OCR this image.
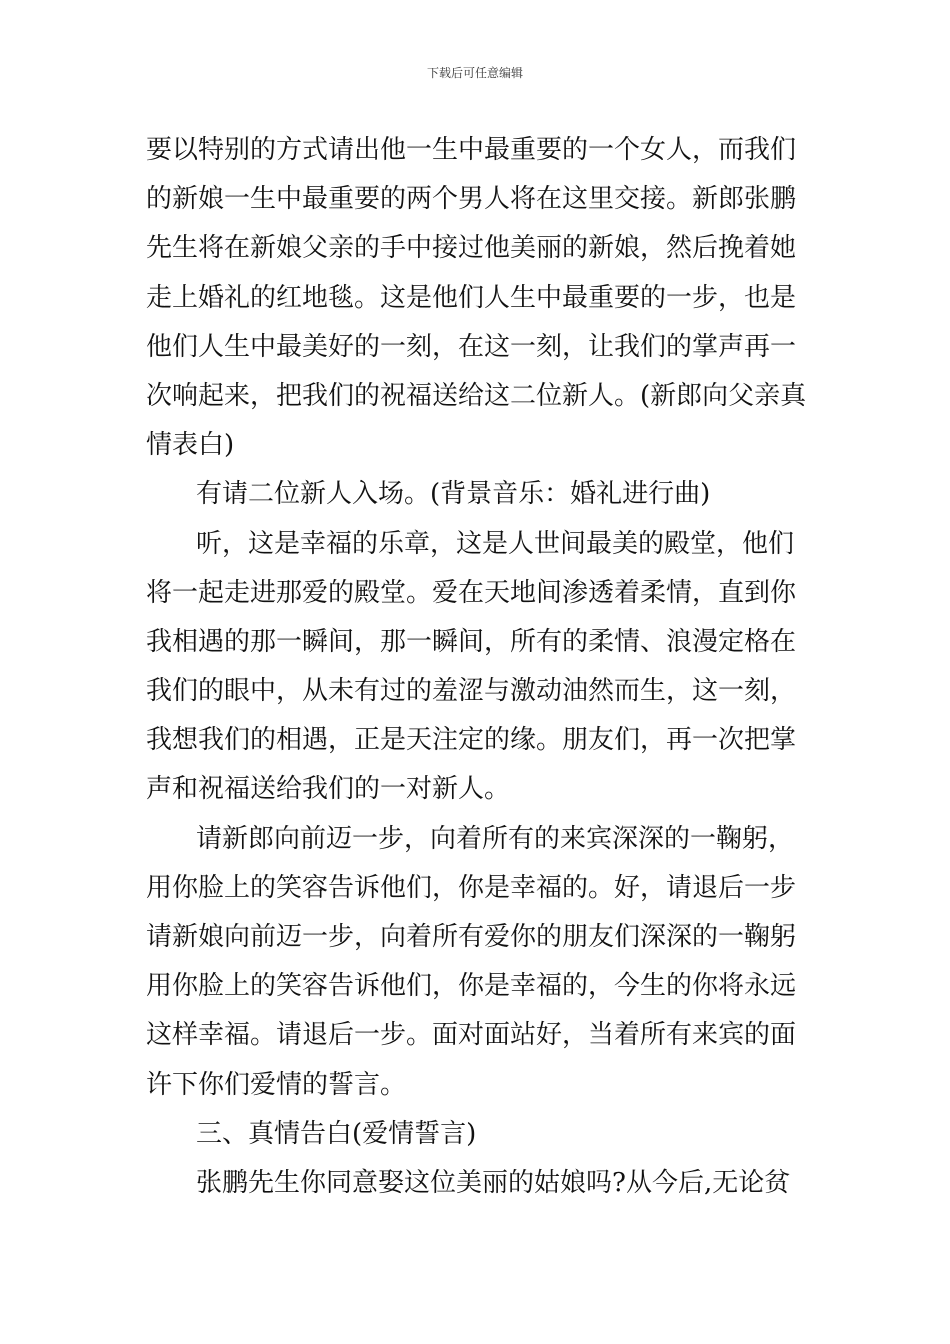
下载后可任意编辑
要以特别的方式请出他一生中最重要的一个女人，而我们
的新娘一生中最重要的两个男人将在这里交接。新郎张鹏
先生将在新娘父亲的手中接过他美丽的新娘，然后挽着她
走上婚礼的红地毯。这是他们人生中最重要的一步，也是
他们人生中最美好的一刻，在这一刻，让我们的掌声再一
次响起来，把我们的祝福送给这二位新人。(新郎向父亲真
情表白)
有请二位新人入场。(背景音乐：婚礼进行曲)
听，这是幸福的乐章，这是人世间最美的殿堂，他们
将一起走进那爱的殿堂。爱在天地间渗透着柔情，直到你
我相遇的那一瞬间，那一瞬间，所有的柔情、浪漫定格在
我们的眼中，从未有过的羞涩与激动油然而生，这一刻，
我想我们的相遇，正是天注定的缘。朋友们，再一次把掌
声和祝福送给我们的一对新人。
请新郎向前迈一步，向着所有的来宾深深的一鞠躬，
用你脸上的笑容告诉他们，你是幸福的。好，请退后一步
请新娘向前迈一步，向着所有爱你的朋友们深深的一鞠躬
用你脸上的笑容告诉他们，你是幸福的，今生的你将永远
这样幸福。请退后一步。面对面站好，当着所有来宾的面
许下你们爱情的誓言。
三、真情告白(爱情誓言)
张鹏先生你同意娶这位美丽的姑娘吗?从今后,无论贫
